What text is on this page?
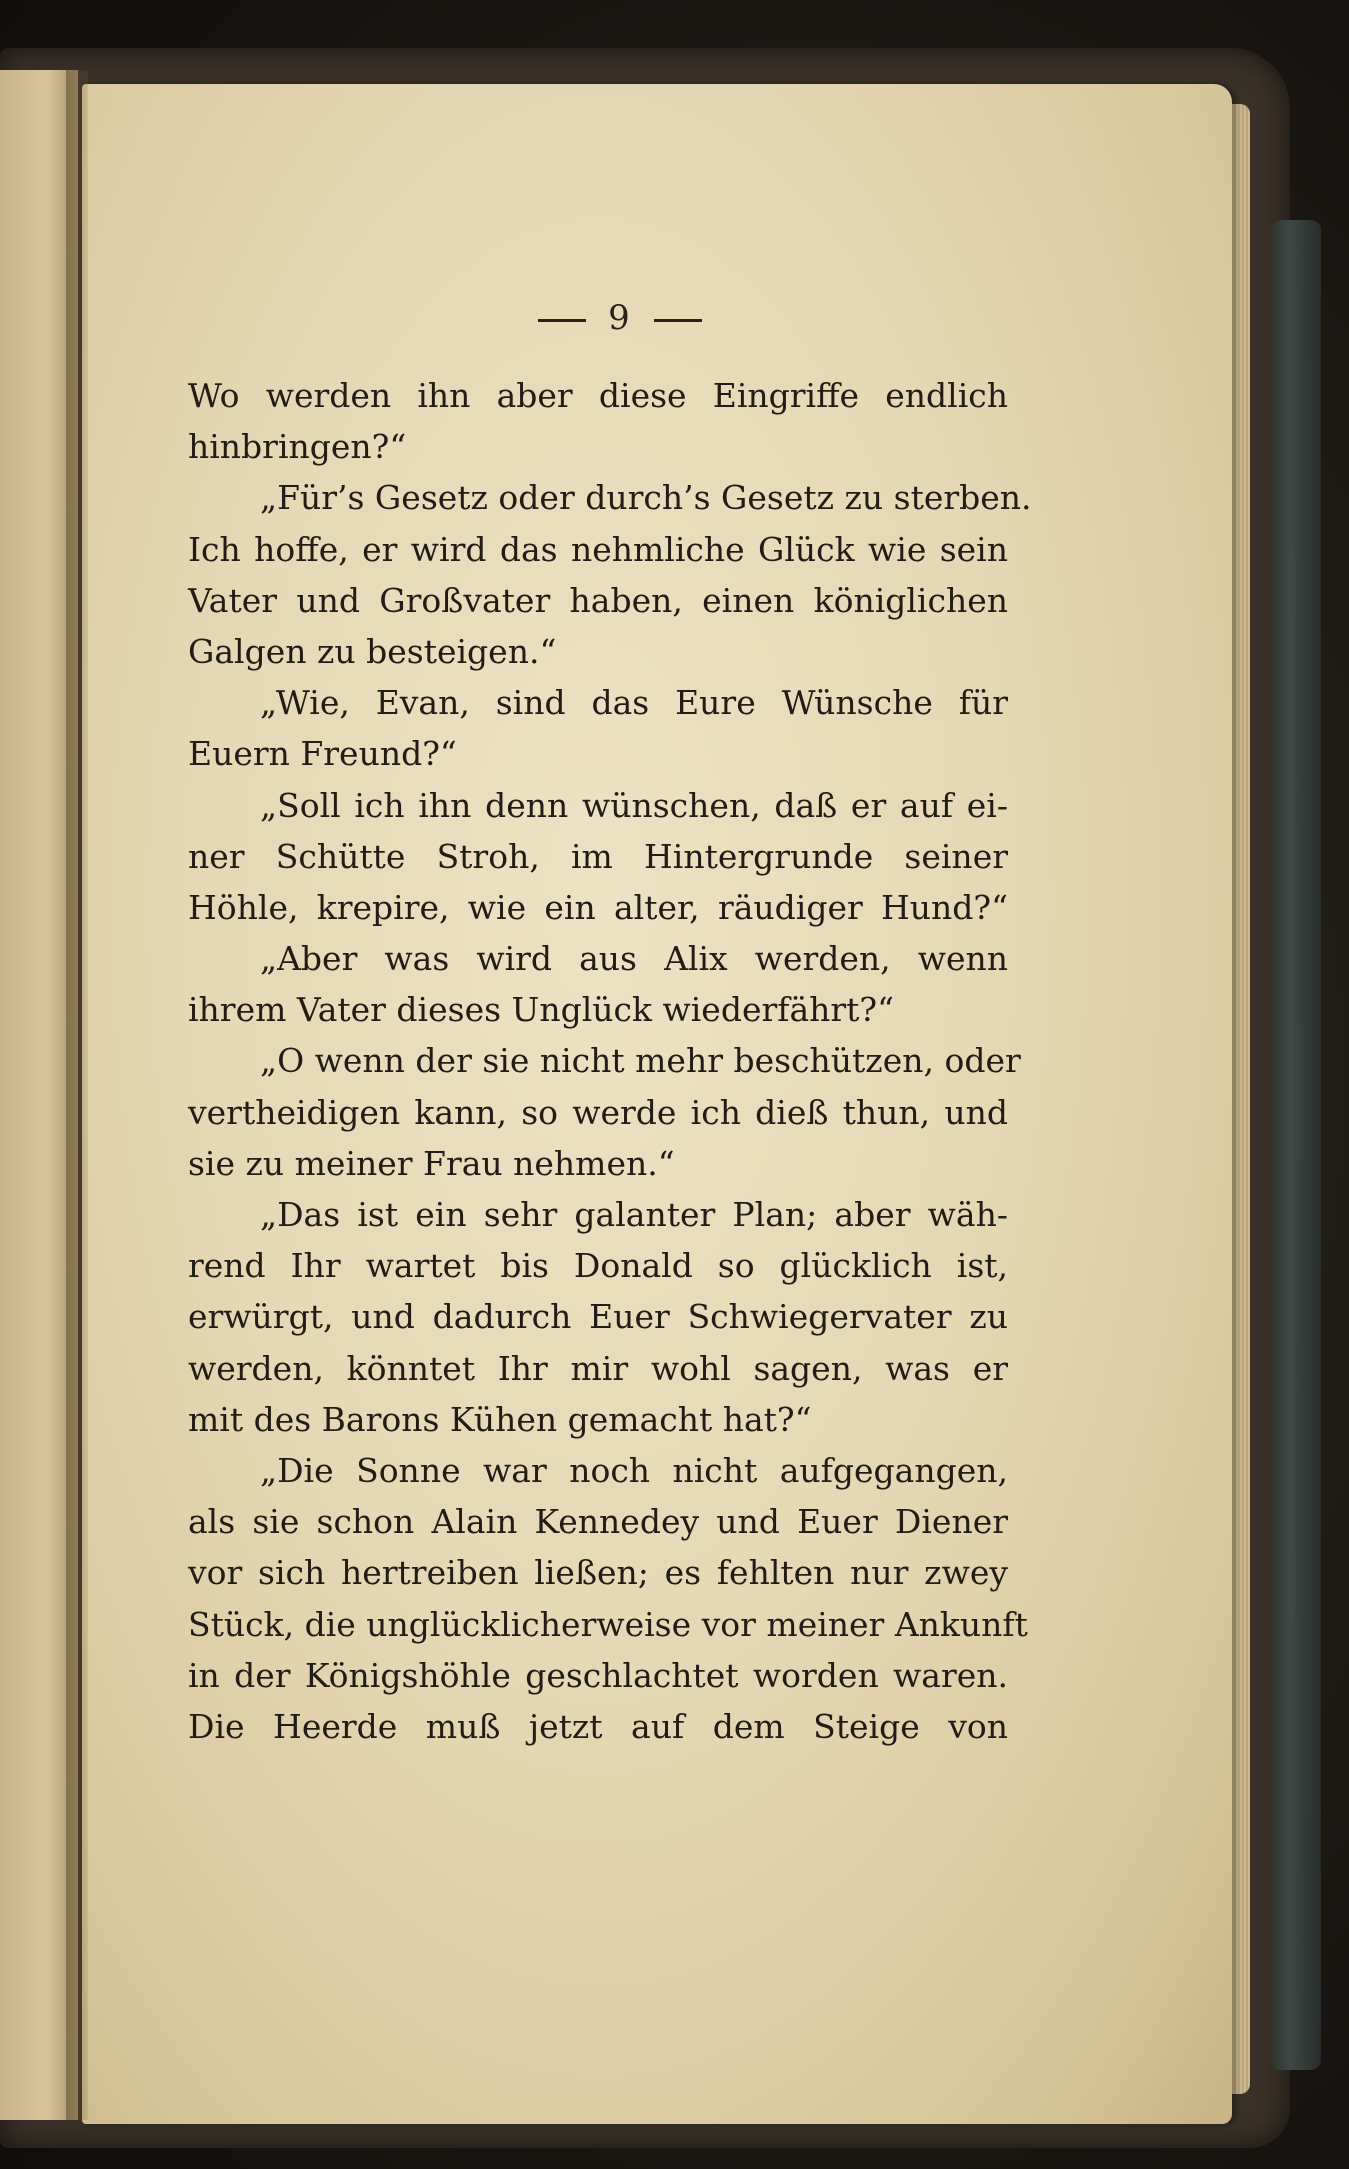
9
Wo werden ihn aber diese Eingriffe endlich
hinbringen?“
„Für’s Gesetz oder durch’s Gesetz zu sterben.
Ich hoffe, er wird das nehmliche Glück wie sein
Vater und Großvater haben, einen königlichen
Galgen zu besteigen.“
„Wie, Evan, sind das Eure Wünsche für
Euern Freund?“
„Soll ich ihn denn wünschen, daß er auf ei-
ner Schütte Stroh, im Hintergrunde seiner
Höhle, krepire, wie ein alter, räudiger Hund?“
„Aber was wird aus Alix werden, wenn
ihrem Vater dieses Unglück wiederfährt?“
„O wenn der sie nicht mehr beschützen, oder
vertheidigen kann, so werde ich dieß thun, und
sie zu meiner Frau nehmen.“
„Das ist ein sehr galanter Plan; aber wäh-
rend Ihr wartet bis Donald so glücklich ist,
erwürgt, und dadurch Euer Schwiegervater zu
werden, könntet Ihr mir wohl sagen, was er
mit des Barons Kühen gemacht hat?“
„Die Sonne war noch nicht aufgegangen,
als sie schon Alain Kennedey und Euer Diener
vor sich hertreiben ließen; es fehlten nur zwey
Stück, die unglücklicherweise vor meiner Ankunft
in der Königshöhle geschlachtet worden waren.
Die Heerde muß jetzt auf dem Steige von
